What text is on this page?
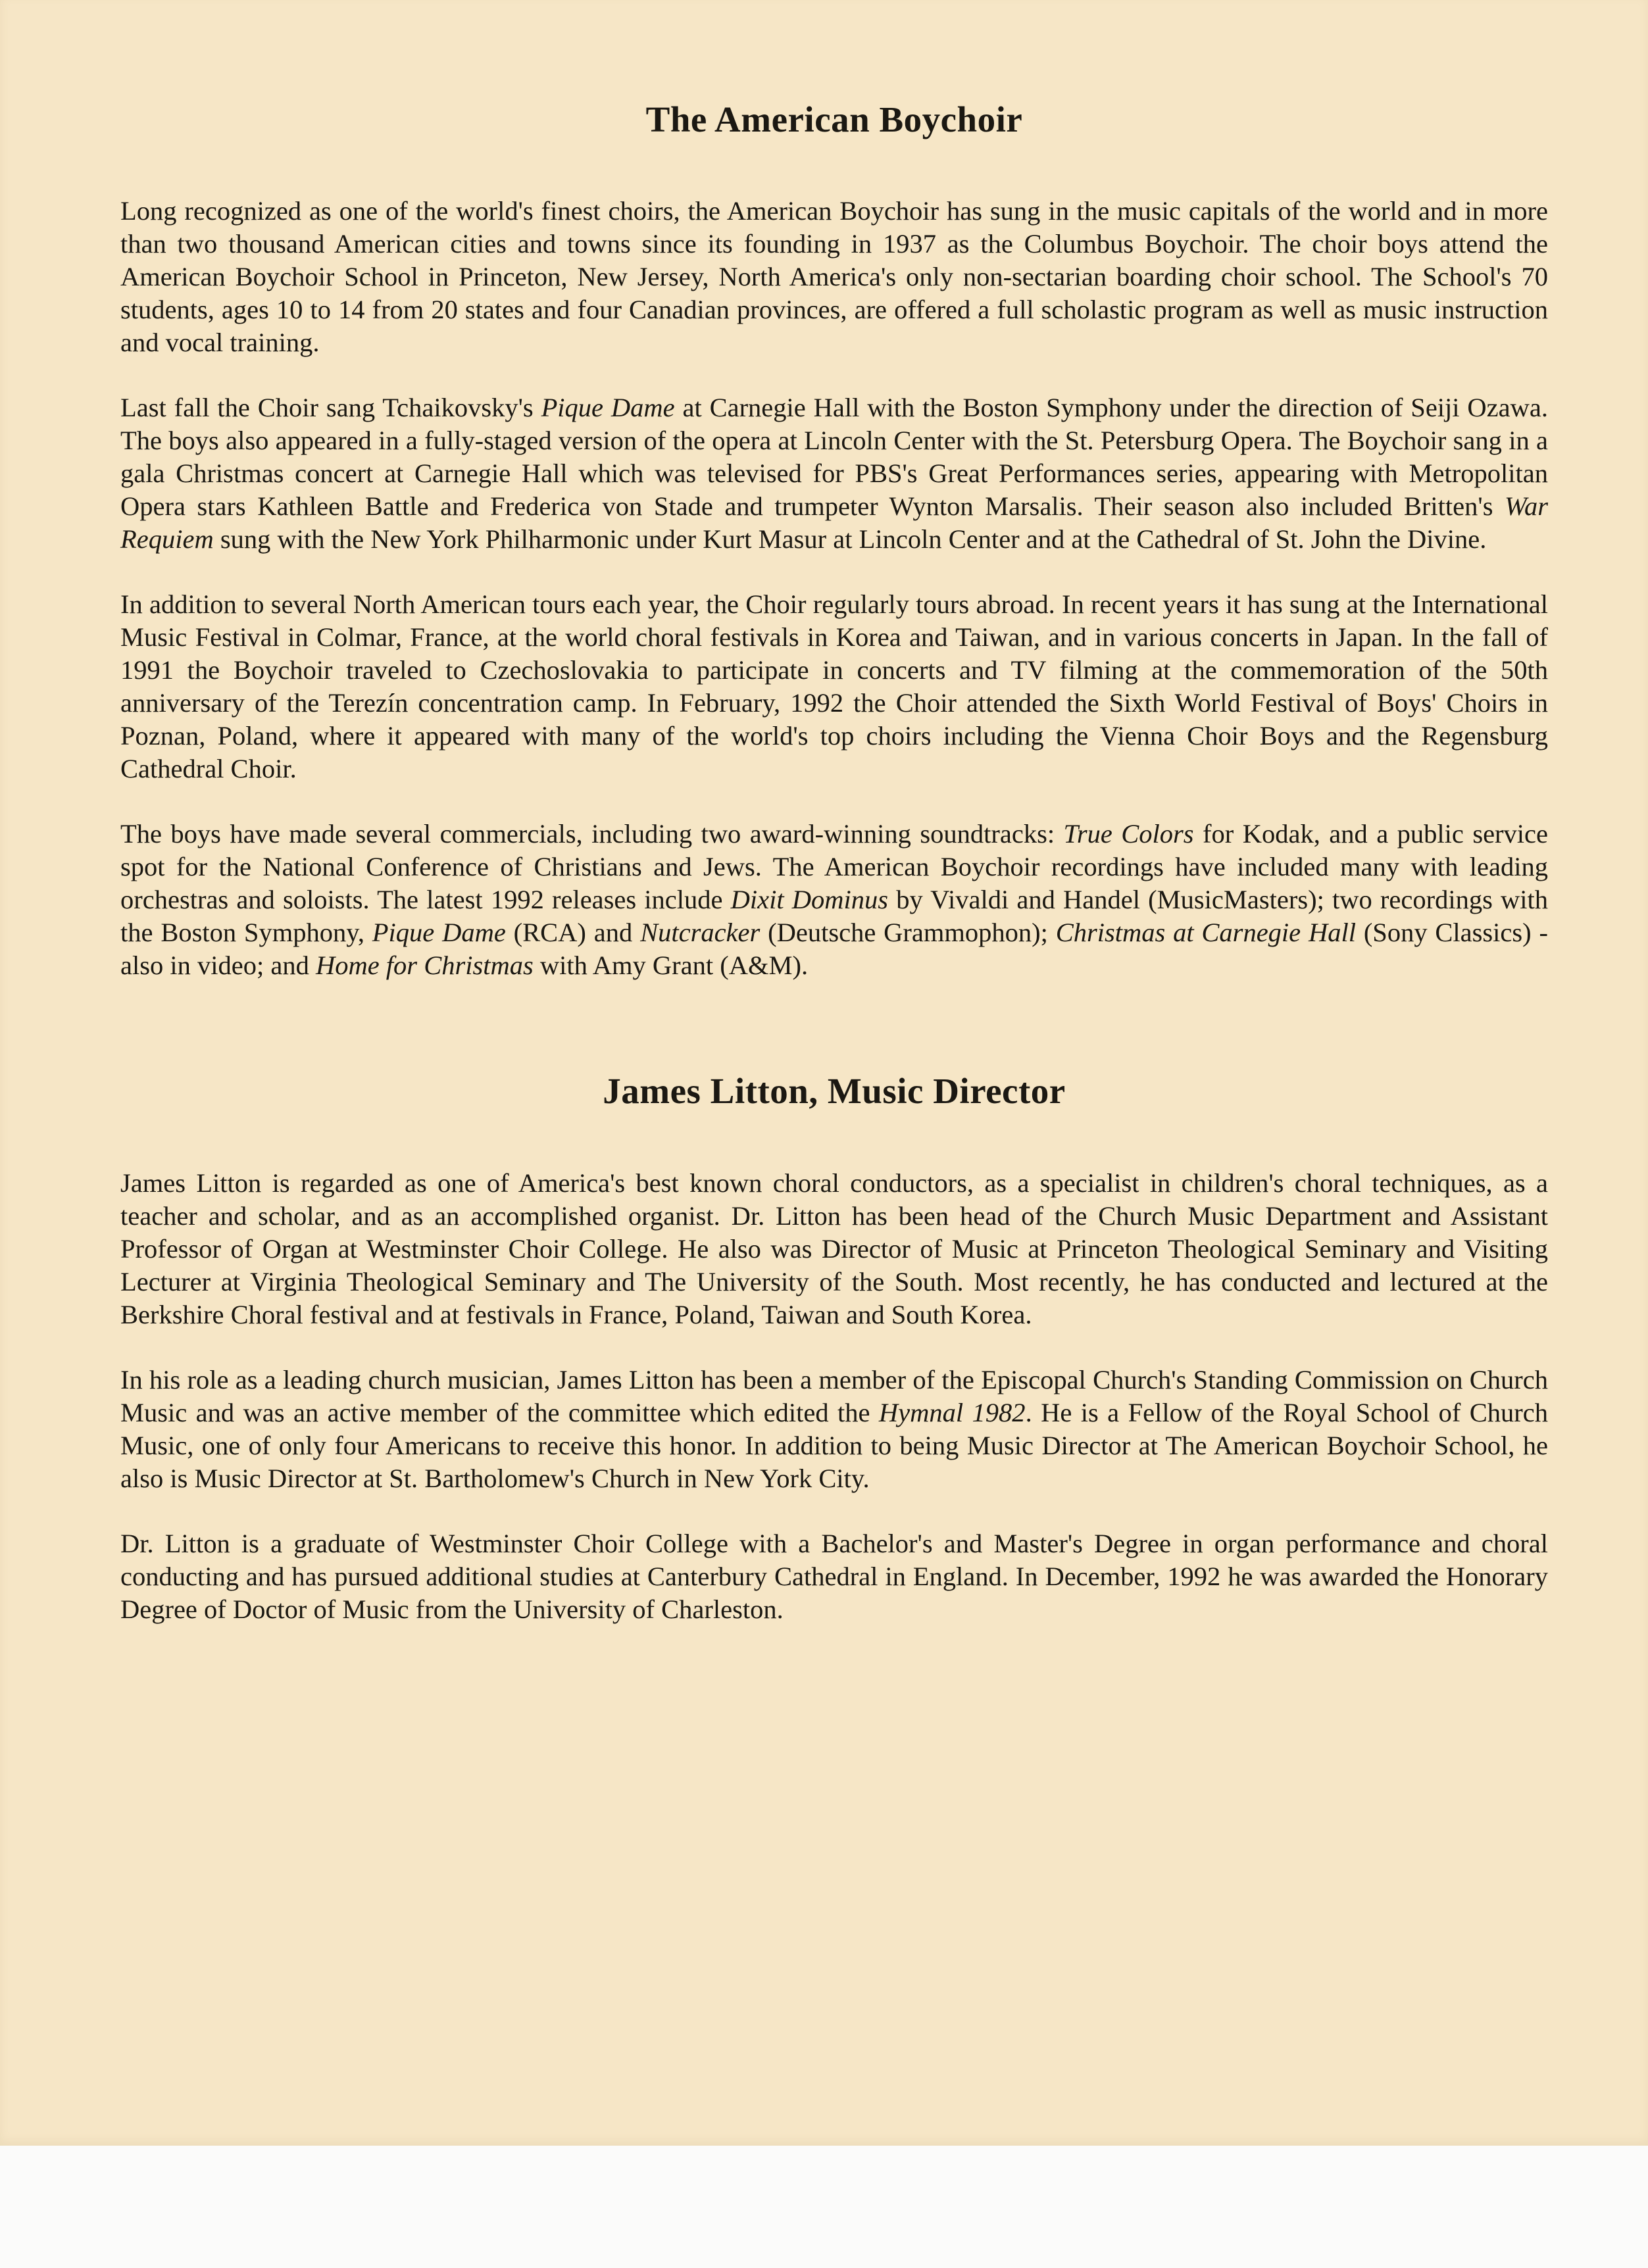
The American Boychoir

Long recognized as one of the world's finest choirs, the American Boychoir has sung in the music capitals of the world and in more than two thousand American cities and towns since its founding in 1937 as the Columbus Boychoir. The choir boys attend the American Boychoir School in Princeton, New Jersey, North America's only non-sectarian boarding choir school. The School's 70 students, ages 10 to 14 from 20 states and four Canadian provinces, are offered a full scholastic program as well as music instruction and vocal training.

Last fall the Choir sang Tchaikovsky's Pique Dame at Carnegie Hall with the Boston Symphony under the direction of Seiji Ozawa. The boys also appeared in a fully-staged version of the opera at Lincoln Center with the St. Petersburg Opera. The Boychoir sang in a gala Christmas concert at Carnegie Hall which was televised for PBS's Great Performances series, appearing with Metropolitan Opera stars Kathleen Battle and Frederica von Stade and trumpeter Wynton Marsalis. Their season also included Britten's War Requiem sung with the New York Philharmonic under Kurt Masur at Lincoln Center and at the Cathedral of St. John the Divine.

In addition to several North American tours each year, the Choir regularly tours abroad. In recent years it has sung at the International Music Festival in Colmar, France, at the world choral festivals in Korea and Taiwan, and in various concerts in Japan. In the fall of 1991 the Boychoir traveled to Czechoslovakia to participate in concerts and TV filming at the commemoration of the 50th anniversary of the Terezín concentration camp. In February, 1992 the Choir attended the Sixth World Festival of Boys' Choirs in Poznan, Poland, where it appeared with many of the world's top choirs including the Vienna Choir Boys and the Regensburg Cathedral Choir.

The boys have made several commercials, including two award-winning soundtracks: True Colors for Kodak, and a public service spot for the National Conference of Christians and Jews. The American Boychoir recordings have included many with leading orchestras and soloists. The latest 1992 releases include Dixit Dominus by Vivaldi and Handel (MusicMasters); two recordings with the Boston Symphony, Pique Dame (RCA) and Nutcracker (Deutsche Grammophon); Christmas at Carnegie Hall (Sony Classics) - also in video; and Home for Christmas with Amy Grant (A&M).

James Litton, Music Director

James Litton is regarded as one of America's best known choral conductors, as a specialist in children's choral techniques, as a teacher and scholar, and as an accomplished organist. Dr. Litton has been head of the Church Music Department and Assistant Professor of Organ at Westminster Choir College. He also was Director of Music at Princeton Theological Seminary and Visiting Lecturer at Virginia Theological Seminary and The University of the South. Most recently, he has conducted and lectured at the Berkshire Choral festival and at festivals in France, Poland, Taiwan and South Korea.

In his role as a leading church musician, James Litton has been a member of the Episcopal Church's Standing Commission on Church Music and was an active member of the committee which edited the Hymnal 1982. He is a Fellow of the Royal School of Church Music, one of only four Americans to receive this honor. In addition to being Music Director at The American Boychoir School, he also is Music Director at St. Bartholomew's Church in New York City.

Dr. Litton is a graduate of Westminster Choir College with a Bachelor's and Master's Degree in organ performance and choral conducting and has pursued additional studies at Canterbury Cathedral in England. In December, 1992 he was awarded the Honorary Degree of Doctor of Music from the University of Charleston.
